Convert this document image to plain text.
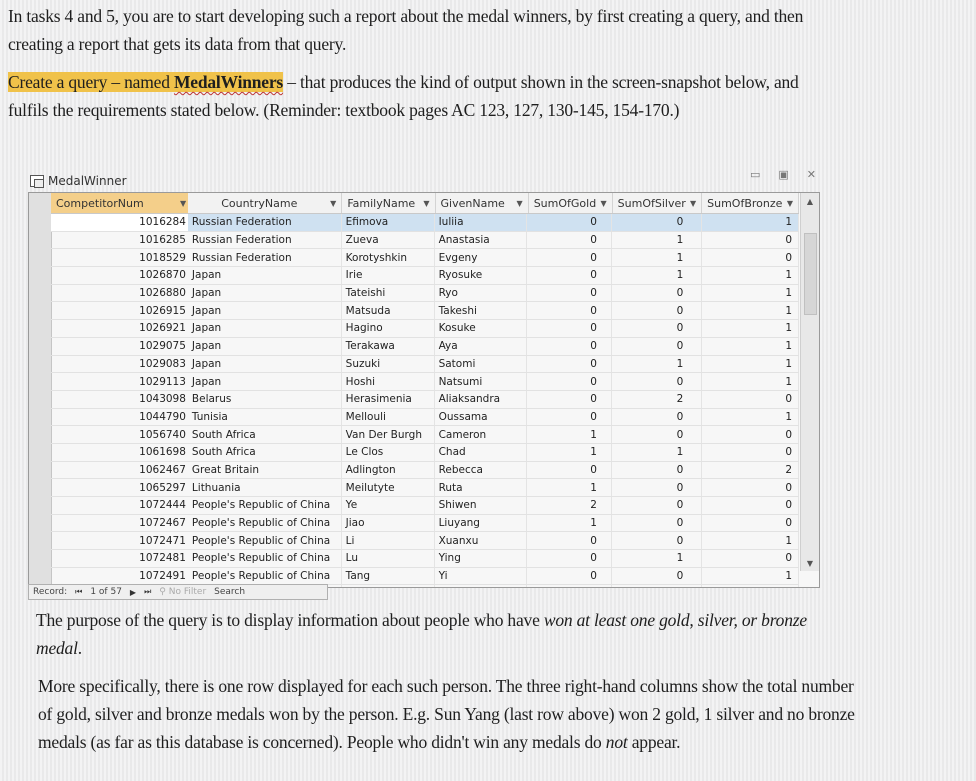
In tasks 4 and 5, you are to start developing such a report about the medal winners, by first creating a query, and then creating a report that gets its data from that query.
Create a query – named MedalWinners – that produces the kind of output shown in the screen-snapshot below, and fulfils the requirements stated below. (Reminder: textbook pages AC 123, 127, 130-145, 154-170.)
MedalWinner	▭ ▣ ✕
CompetitorNum	▼	CountryName	▼ FamilyName ▼ GivenName ▼ SumOfGold ▼ SumOfSilver ▼ SumOfBronze ▼
1016284 Russian Federation	Efimova	Iuliia	0	0	1
1016285 Russian Federation	Zueva	Anastasia	0	1	0
1018529 Russian Federation	Korotyshkin	Evgeny	0	1	0
1026870 Japan	Irie	Ryosuke	0	1	1
1026880 Japan	Tateishi	Ryo	0	0	1
1026915 Japan	Matsuda	Takeshi	0	0	1
1026921 Japan	Hagino	Kosuke	0	0	1
1029075 Japan	Terakawa	Aya	0	0	1
1029083 Japan	Suzuki	Satomi	0	1	1
1029113 Japan	Hoshi	Natsumi	0	0	1
1043098 Belarus	Herasimenia	Aliaksandra	0	2	0
1044790 Tunisia	Mellouli	Oussama	0	0	1
1056740 South Africa	Van Der Burgh	Cameron	1	0	0
1061698 South Africa	Le Clos	Chad	1	1	0
1062467 Great Britain	Adlington	Rebecca	0	0	2
1065297 Lithuania	Meilutyte	Ruta	1	0	0
1072444 People's Republic of China	Ye	Shiwen	2	0	0
1072467 People's Republic of China	Jiao	Liuyang	1	0	0
1072471 People's Republic of China	Li	Xuanxu	0	0	1
1072481 People's Republic of China	Lu	Ying	0	1	0
1072491 People's Republic of China	Tang	Yi	0	0	1
▲
▼
Record: ⏮ 1 of 57 ▶ ⏭ ⚲ No Filter Search
The purpose of the query is to display information about people who have won at least one gold, silver, or bronze medal.
More specifically, there is one row displayed for each such person. The three right-hand columns show the total number of gold, silver and bronze medals won by the person. E.g. Sun Yang (last row above) won 2 gold, 1 silver and no bronze medals (as far as this database is concerned). People who didn't win any medals do not appear.
